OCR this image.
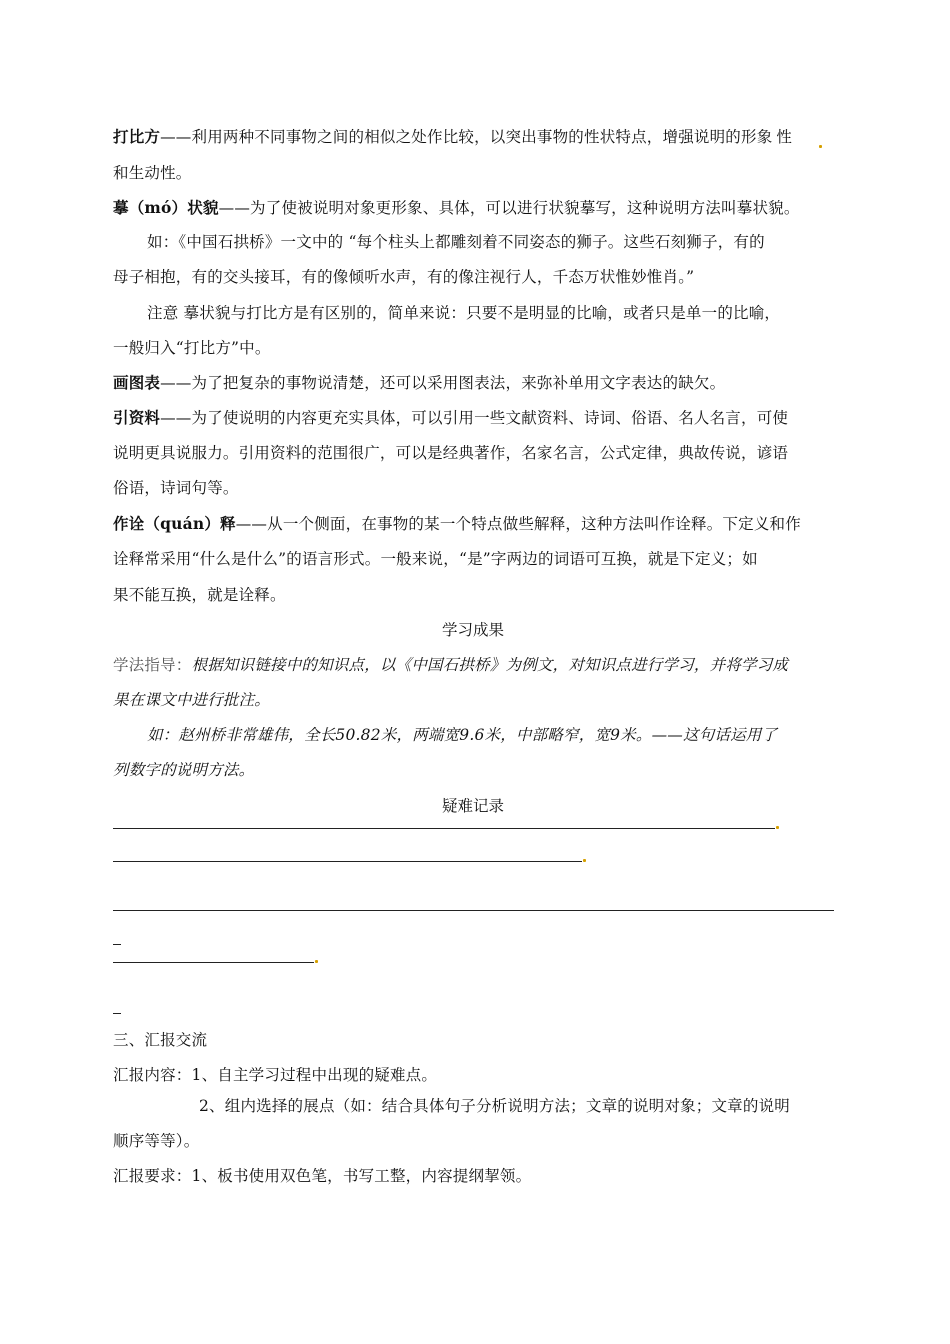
打比方——利用两种不同事物之间的相似之处作比较，以突出事物的性状特点，增强说明的形象 性
和生动性。
摹（mó）状貌——为了使被说明对象更形象、具体，可以进行状貌摹写，这种说明方法叫摹状貌。
如：《中国石拱桥》一文中的 “每个柱头上都雕刻着不同姿态的狮子。这些石刻狮子，有的
母子相抱，有的交头接耳，有的像倾听水声，有的像注视行人，千态万状惟妙惟肖。”
注意 摹状貌与打比方是有区别的，简单来说：只要不是明显的比喻，或者只是单一的比喻，
一般归入“打比方”中。
画图表——为了把复杂的事物说清楚，还可以采用图表法，来弥补单用文字表达的缺欠。
引资料——为了使说明的内容更充实具体，可以引用一些文献资料、诗词、俗语、名人名言，可使
说明更具说服力。引用资料的范围很广，可以是经典著作，名家名言，公式定律，典故传说，谚语
俗语，诗词句等。
作诠（quán）释——从一个侧面，在事物的某一个特点做些解释，这种方法叫作诠释。下定义和作
诠释常采用“什么是什么”的语言形式。一般来说，“是”字两边的词语可互换，就是下定义；如
果不能互换，就是诠释。
学习成果
学法指导：根据知识链接中的知识点，以《中国石拱桥》为例文，对知识点进行学习，并将学习成
果在课文中进行批注。
如：赵州桥非常雄伟，全长50.82米，两端宽9.6米，中部略窄，宽9米。——这句话运用了
列数字的说明方法。
疑难记录
三、汇报交流
汇报内容：1、自主学习过程中出现的疑难点。
2、组内选择的展点（如：结合具体句子分析说明方法；文章的说明对象；文章的说明
顺序等等）。
汇报要求：1、板书使用双色笔，书写工整，内容提纲挈领。
